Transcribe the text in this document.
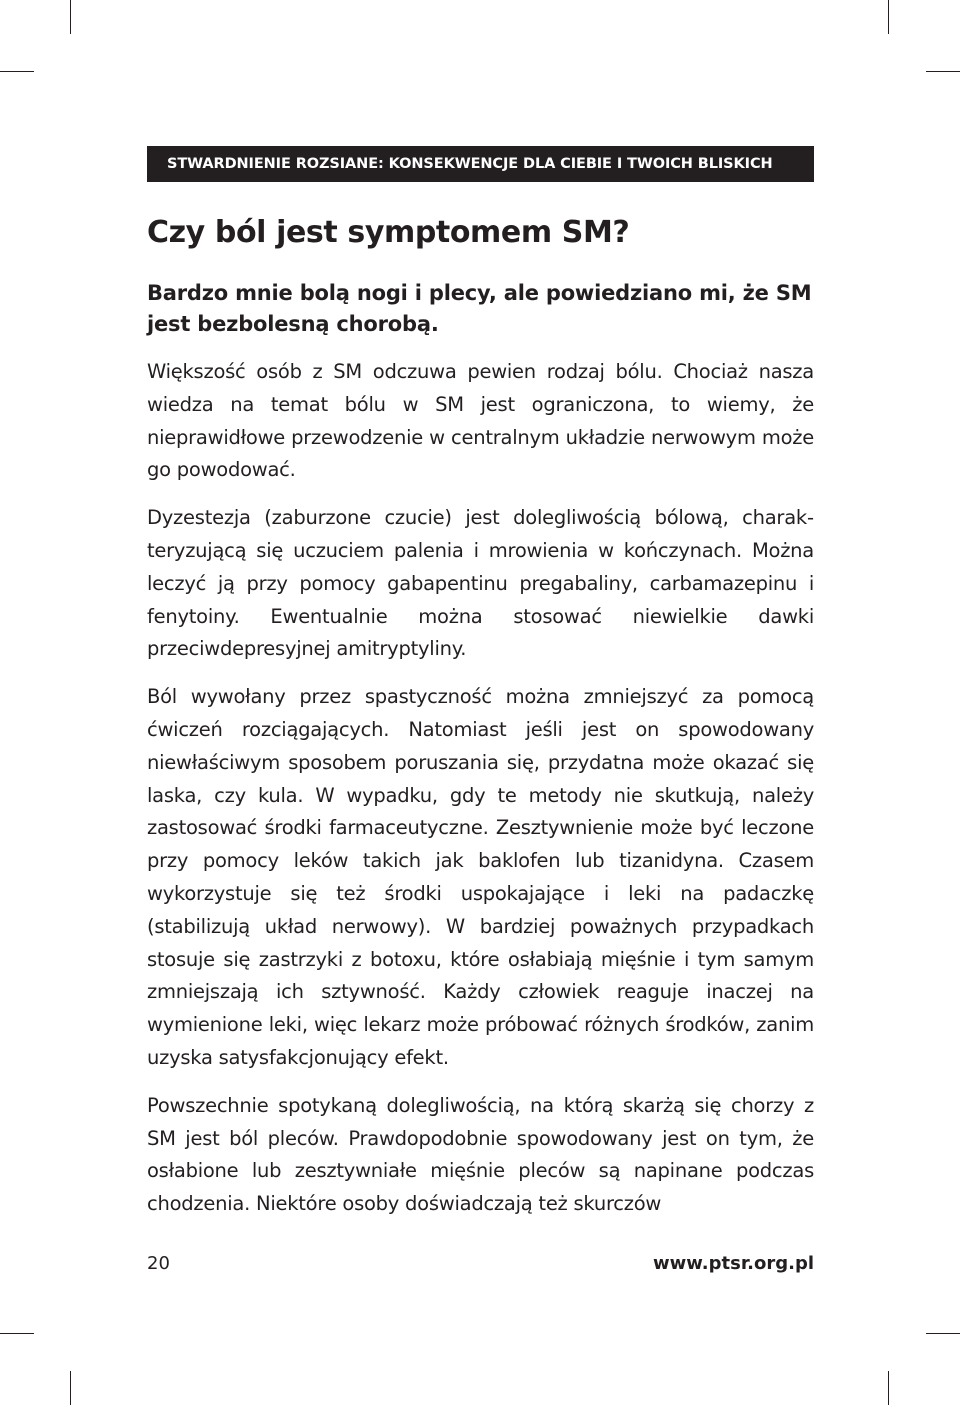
STWARDNIENIE ROZSIANE: KONSEKWENCJE DLA CIEBIE I TWOICH BLISKICH
Czy ból jest symptomem SM?

Bardzo mnie bolą nogi i plecy, ale powiedziano mi, że SM jest bezbolesną chorobą.

Większość osób z SM odczuwa pewien rodzaj bólu. Chociaż nasza wiedza na temat bólu w SM jest ograniczona, to wiemy, że nieprawidłowe przewodzenie w centralnym układzie nerwowym może go powodować.

Dyzestezja (zaburzone czucie) jest dolegliwością bólową, charakteryzującą się uczuciem palenia i mrowienia w kończynach. Można leczyć ją przy pomocy gabapentinu pregabaliny, carbamazepinu i fenytoiny. Ewentualnie można stosować niewielkie dawki przeciwdepresyjnej amitryptyliny.

Ból wywołany przez spastyczność można zmniejszyć za pomocą ćwiczeń rozciągających. Natomiast jeśli jest on spowodowany niewłaściwym sposobem poruszania się, przydatna może okazać się laska, czy kula. W wypadku, gdy te metody nie skutkują, należy zastosować środki farmaceutyczne. Zesztywnienie może być leczone przy pomocy leków takich jak baklofen lub tizanidyna. Czasem wykorzystuje się też środki uspokajające i leki na padaczkę (stabilizują układ nerwowy). W bardziej poważnych przypadkach stosuje się zastrzyki z botoxu, które osłabiają mięśnie i tym samym zmniejszają ich sztywność. Każdy człowiek reaguje inaczej na wymienione leki, więc lekarz może próbować różnych środków, zanim uzyska satysfakcjonujący efekt.

Powszechnie spotykaną dolegliwością, na którą skarżą się chorzy z SM jest ból pleców. Prawdopodobnie spowodowany jest on tym, że osłabione lub zesztywniałe mięśnie pleców są napinane podczas chodzenia. Niektóre osoby doświadczają też skurczów

20	www.ptsr.org.pl
